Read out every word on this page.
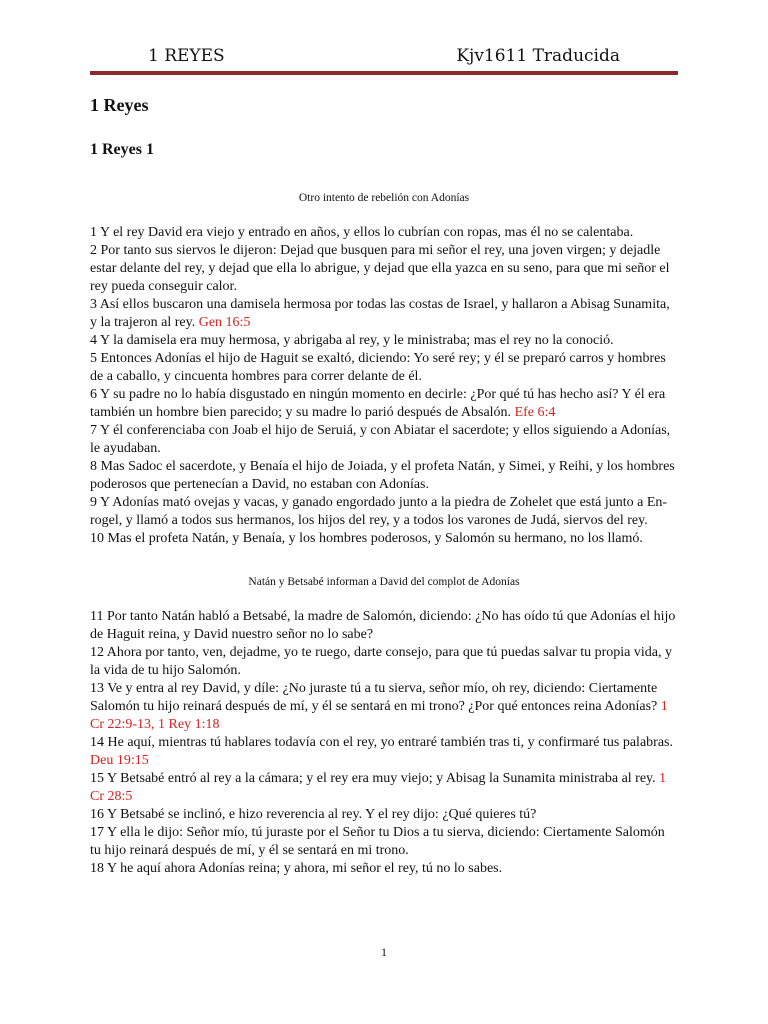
1 REYES	Kjv1611 Traducida
1 Reyes
1 Reyes 1
Otro intento de rebelión con Adonías

1 Y el rey David era viejo y entrado en años, y ellos lo cubrían con ropas, mas él no se calentaba.

2 Por tanto sus siervos le dijeron: Dejad que busquen para mi señor el rey, una joven virgen; y dejadle estar delante del rey, y dejad que ella lo abrigue, y dejad que ella yazca en su seno, para que mi señor el rey pueda conseguir calor.

3 Así ellos buscaron una damisela hermosa por todas las costas de Israel, y hallaron a Abisag Sunamita, y la trajeron al rey. Gen 16:5

4 Y la damisela era muy hermosa, y abrigaba al rey, y le ministraba; mas el rey no la conoció.

5 Entonces Adonías el hijo de Haguit se exaltó, diciendo: Yo seré rey; y él se preparó carros y hombres de a caballo, y cincuenta hombres para correr delante de él.

6 Y su padre no lo había disgustado en ningún momento en decirle: ¿Por qué tú has hecho así? Y él era también un hombre bien parecido; y su madre lo parió después de Absalón. Efe 6:4

7 Y él conferenciaba con Joab el hijo de Seruiá, y con Abiatar el sacerdote; y ellos siguiendo a Adonías, le ayudaban.

8 Mas Sadoc el sacerdote, y Benaía el hijo de Joiada, y el profeta Natán, y Simei, y Reihi, y los hombres poderosos que pertenecían a David, no estaban con Adonías.

9 Y Adonías mató ovejas y vacas, y ganado engordado junto a la piedra de Zohelet que está junto a En-rogel, y llamó a todos sus hermanos, los hijos del rey, y a todos los varones de Judá, siervos del rey.

10 Mas el profeta Natán, y Benaía, y los hombres poderosos, y Salomón su hermano, no los llamó.

Natán y Betsabé informan a David del complot de Adonías

11 Por tanto Natán habló a Betsabé, la madre de Salomón, diciendo: ¿No has oído tú que Adonías el hijo de Haguit reina, y David nuestro señor no lo sabe?

12 Ahora por tanto, ven, dejadme, yo te ruego, darte consejo, para que tú puedas salvar tu propia vida, y la vida de tu hijo Salomón.

13 Ve y entra al rey David, y díle: ¿No juraste tú a tu sierva, señor mío, oh rey, diciendo: Ciertamente Salomón tu hijo reinará después de mí, y él se sentará en mi trono? ¿Por qué entonces reina Adonías? 1 Cr 22:9-13, 1 Rey 1:18

14 He aquí, mientras tú hablares todavía con el rey, yo entraré también tras ti, y confirmaré tus palabras. Deu 19:15

15 Y Betsabé entró al rey a la cámara; y el rey era muy viejo; y Abisag la Sunamita ministraba al rey. 1 Cr 28:5

16 Y Betsabé se inclinó, e hizo reverencia al rey. Y el rey dijo: ¿Qué quieres tú?

17 Y ella le dijo: Señor mío, tú juraste por el Señor tu Dios a tu sierva, diciendo: Ciertamente Salomón tu hijo reinará después de mí, y él se sentará en mi trono.

18 Y he aquí ahora Adonías reina; y ahora, mi señor el rey, tú no lo sabes.

1
